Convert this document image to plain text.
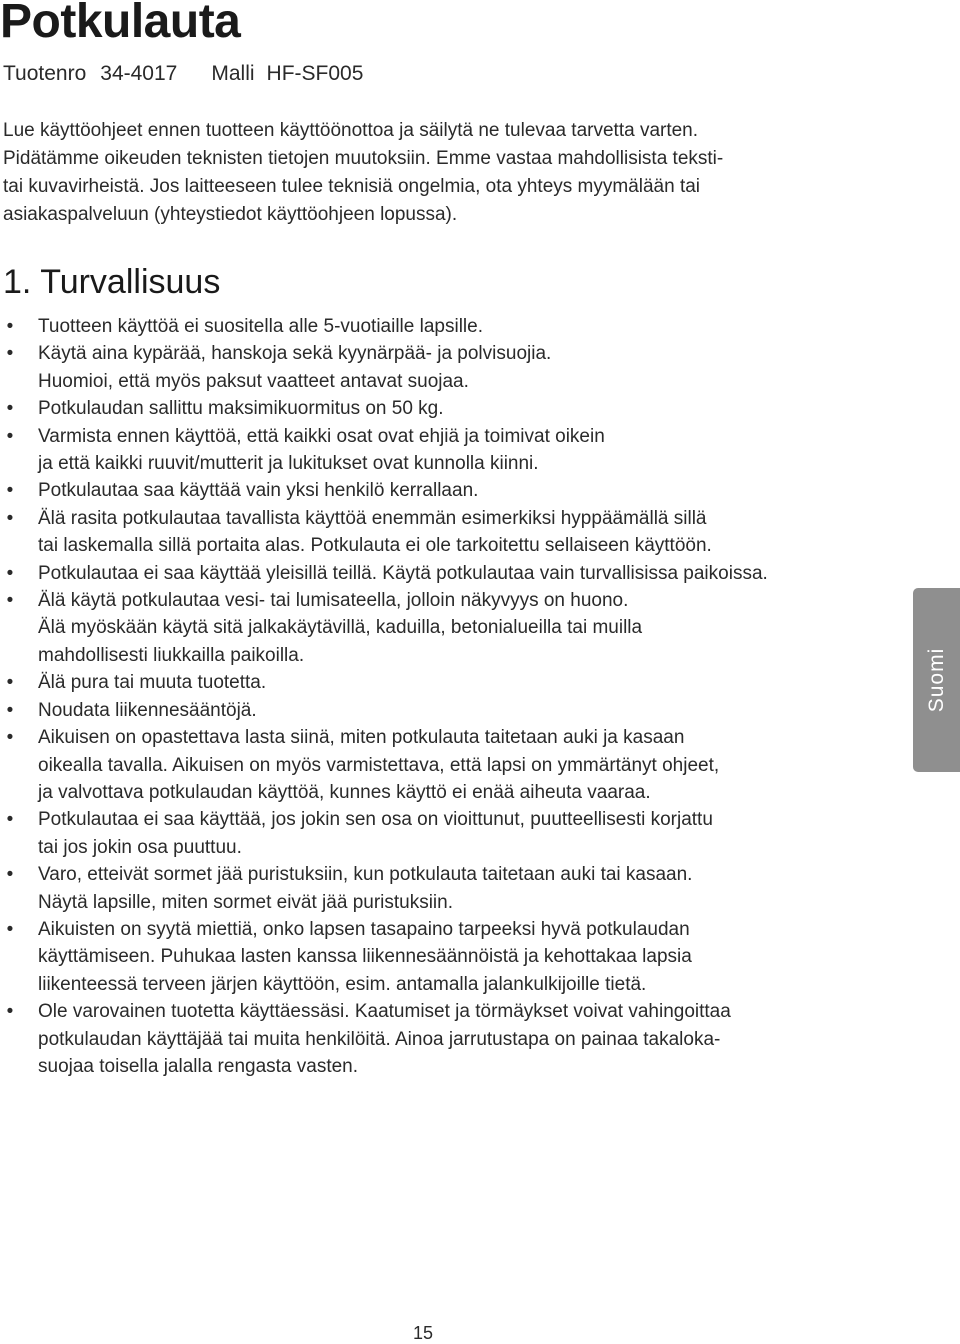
Potkulauta
Tuotenro 34-4017 Malli HF-SF005
Lue käyttöohjeet ennen tuotteen käyttöönottoa ja säilytä ne tulevaa tarvetta varten.
Pidätämme oikeuden teknisten tietojen muutoksiin. Emme vastaa mahdollisista teksti-
tai kuvavirheistä. Jos laitteeseen tulee teknisiä ongelmia, ota yhteys myymälään tai
asiakaspalveluun (yhteystiedot käyttöohjeen lopussa).
1. Turvallisuus
• Tuotteen käyttöä ei suositella alle 5-vuotiaille lapsille.
• Käytä aina kypärää, hanskoja sekä kyynärpää- ja polvisuojia.
Huomioi, että myös paksut vaatteet antavat suojaa.
• Potkulaudan sallittu maksimikuormitus on 50 kg.
• Varmista ennen käyttöä, että kaikki osat ovat ehjiä ja toimivat oikein
ja että kaikki ruuvit/mutterit ja lukitukset ovat kunnolla kiinni.
• Potkulautaa saa käyttää vain yksi henkilö kerrallaan.
• Älä rasita potkulautaa tavallista käyttöä enemmän esimerkiksi hyppäämällä sillä
tai laskemalla sillä portaita alas. Potkulauta ei ole tarkoitettu sellaiseen käyttöön.
• Potkulautaa ei saa käyttää yleisillä teillä. Käytä potkulautaa vain turvallisissa paikoissa.
• Älä käytä potkulautaa vesi- tai lumisateella, jolloin näkyvyys on huono.
Älä myöskään käytä sitä jalkakäytävillä, kaduilla, betonialueilla tai muilla
mahdollisesti liukkailla paikoilla.
• Älä pura tai muuta tuotetta.
• Noudata liikennesääntöjä.
• Aikuisen on opastettava lasta siinä, miten potkulauta taitetaan auki ja kasaan
oikealla tavalla. Aikuisen on myös varmistettava, että lapsi on ymmärtänyt ohjeet,
ja valvottava potkulaudan käyttöä, kunnes käyttö ei enää aiheuta vaaraa.
• Potkulautaa ei saa käyttää, jos jokin sen osa on vioittunut, puutteellisesti korjattu
tai jos jokin osa puuttuu.
• Varo, etteivät sormet jää puristuksiin, kun potkulauta taitetaan auki tai kasaan.
Näytä lapsille, miten sormet eivät jää puristuksiin.
• Aikuisten on syytä miettiä, onko lapsen tasapaino tarpeeksi hyvä potkulaudan
käyttämiseen. Puhukaa lasten kanssa liikennesäännöistä ja kehottakaa lapsia
liikenteessä terveen järjen käyttöön, esim. antamalla jalankulkijoille tietä.
• Ole varovainen tuotetta käyttäessäsi. Kaatumiset ja törmäykset voivat vahingoittaa
potkulaudan käyttäjää tai muita henkilöitä. Ainoa jarrutustapa on painaa takaloka-
suojaa toisella jalalla rengasta vasten.
Suomi
15
